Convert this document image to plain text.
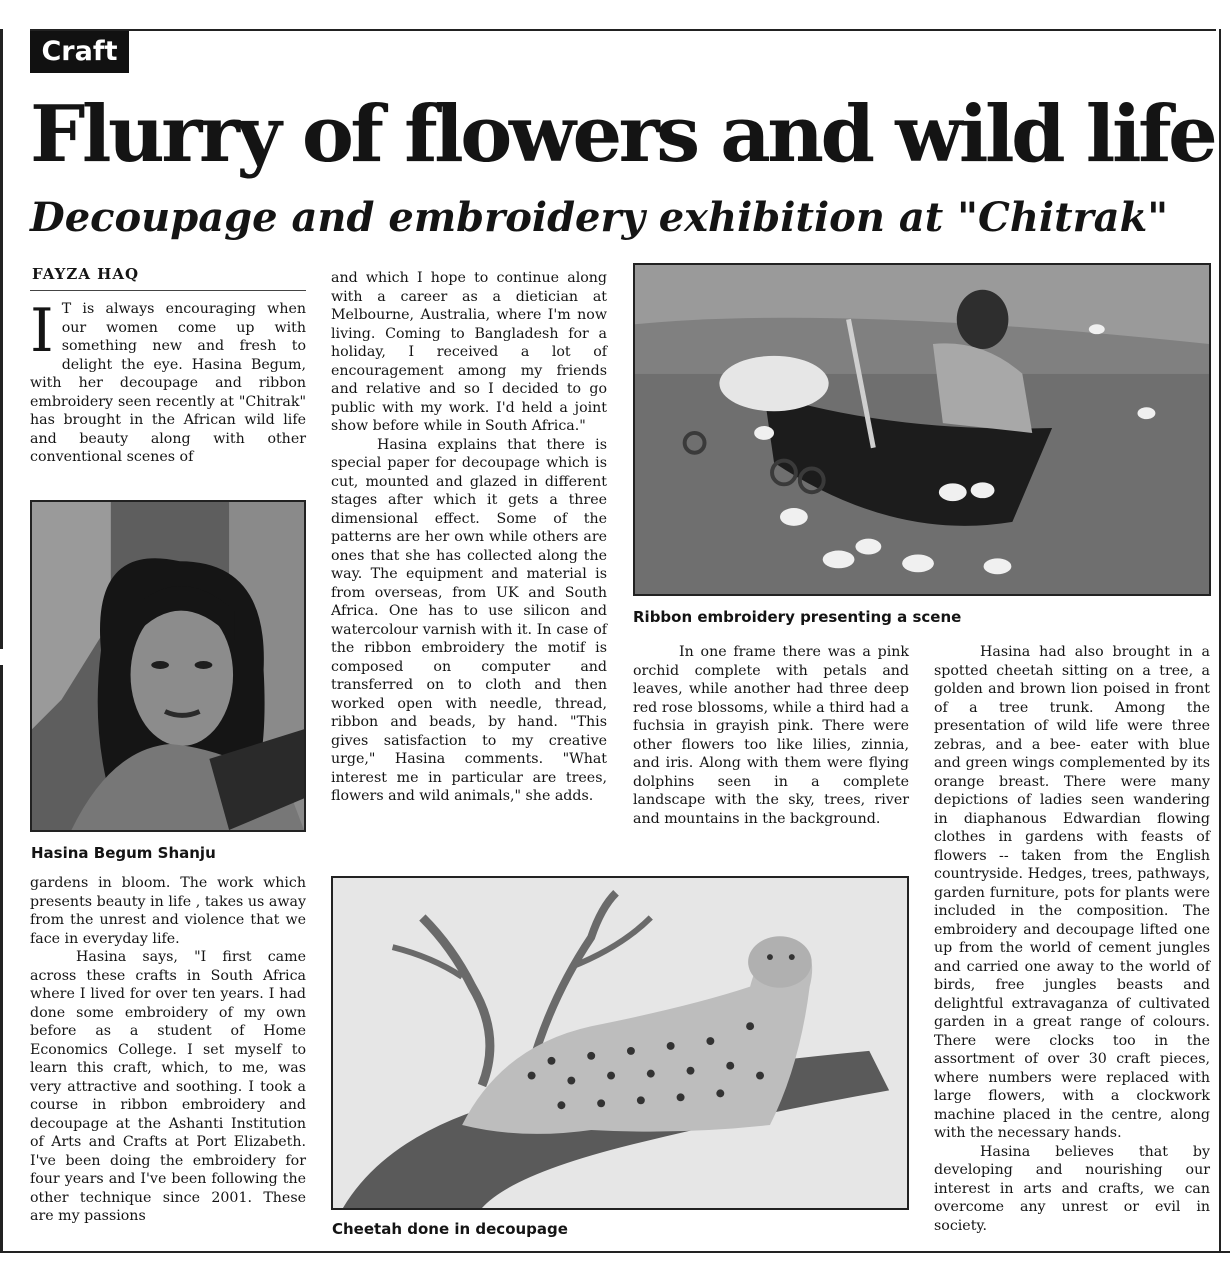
Craft
Flurry of flowers and wild life
Decoupage and embroidery exhibition at "Chitrak"
FAYZA HAQ

I T is always encouraging when our women come up with something new and fresh to delight the eye. Hasina Begum, with her decoupage and ribbon embroidery seen recently at "Chitrak" has brought in the African wild life and beauty along with other conventional scenes of

Hasina Begum Shanju

gardens in bloom. The work which presents beauty in life , takes us away from the unrest and violence that we face in everyday life.

Hasina says, "I first came across these crafts in South Africa where I lived for over ten years. I had done some embroidery of my own before as a student of Home Economics College. I set myself to learn this craft, which, to me, was very attractive and soothing. I took a course in ribbon embroidery and decoupage at the Ashanti Institution of Arts and Crafts at Port Elizabeth. I've been doing the embroidery for four years and I've been following the other technique since 2001. These are my passions

and which I hope to continue along with a career as a dietician at Melbourne, Australia, where I'm now living. Coming to Bangladesh for a holiday, I received a lot of encouragement among my friends and relative and so I decided to go public with my work. I'd held a joint show before while in South Africa."

Hasina explains that there is special paper for decoupage which is cut, mounted and glazed in different stages after which it gets a three dimensional effect. Some of the patterns are her own while others are ones that she has collected along the way. The equipment and material is from overseas, from UK and South Africa. One has to use silicon and watercolour varnish with it. In case of the ribbon embroidery the motif is composed on computer and transferred on to cloth and then worked open with needle, thread, ribbon and beads, by hand. "This gives satisfaction to my creative urge," Hasina comments. "What interest me in particular are trees, flowers and wild animals," she adds.

Ribbon embroidery presenting a scene

In one frame there was a pink orchid complete with petals and leaves, while another had three deep red rose blossoms, while a third had a fuchsia in grayish pink. There were other flowers too like lilies, zinnia, and iris. Along with them were flying dolphins seen in a complete landscape with the sky, trees, river and mountains in the background.

Hasina had also brought in a spotted cheetah sitting on a tree, a golden and brown lion poised in front of a tree trunk. Among the presentation of wild life were three zebras, and a bee- eater with blue and green wings complemented by its orange breast. There were many depictions of ladies seen wandering in diaphanous Edwardian flowing clothes in gardens with feasts of flowers -- taken from the English countryside. Hedges, trees, pathways, garden furniture, pots for plants were included in the composition. The embroidery and decoupage lifted one up from the world of cement jungles and carried one away to the world of birds, free jungles beasts and delightful extravaganza of cultivated garden in a great range of colours. There were clocks too in the assortment of over 30 craft pieces, where numbers were replaced with large flowers, with a clockwork machine placed in the centre, along with the necessary hands.

Hasina believes that by developing and nourishing our interest in arts and crafts, we can overcome any unrest or evil in society.

Cheetah done in decoupage
